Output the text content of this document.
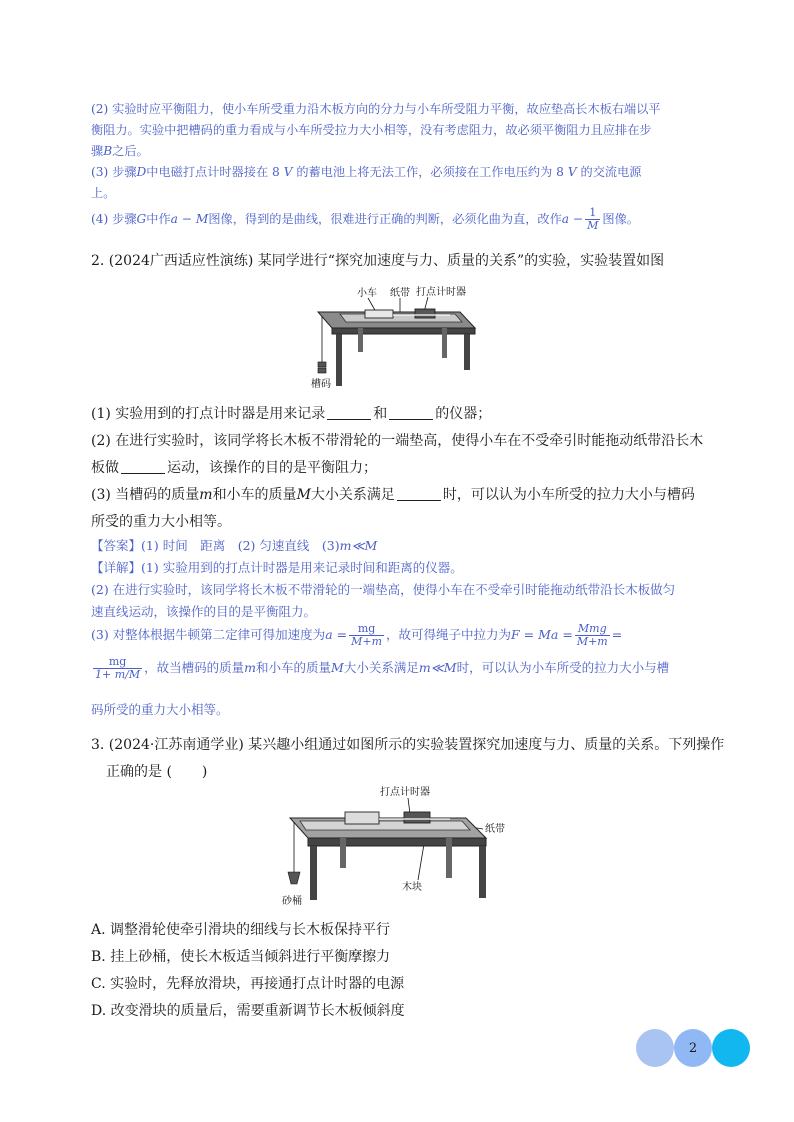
(2) 实验时应平衡阻力，使小车所受重力沿木板方向的分力与小车所受阻力平衡，故应垫高长木板右端以平
衡阻力。实验中把槽码的重力看成与小车所受拉力大小相等，没有考虑阻力，故必须平衡阻力且应排在步
骤B之后。
(3) 步骤D中电磁打点计时器接在 8 V 的蓄电池上将无法工作，必须接在工作电压约为 8 V 的交流电源
上。
(4) 步骤G中作a − M图像，得到的是曲线，很难进行正确的判断，必须化曲为直，改作$a - \frac{1}{M}$ 图像。
2. (2024广西适应性演练) 某同学进行“探究加速度与力、质量的关系”的实验，实验装置如图
小车 纸带 打点计时器
槽码
(1) 实验用到的打点计时器是用来记录	和	的仪器；
(2) 在进行实验时，该同学将长木板不带滑轮的一端垫高，使得小车在不受牵引时能拖动纸带沿长木
板做	运动，该操作的目的是平衡阻力；
(3) 当槽码的质量m和小车的质量M大小关系满足	时，可以认为小车所受的拉力大小与槽码
所受的重力大小相等。
【答案】(1) 时间　距离　(2) 匀速直线　(3)m≪M
【详解】(1) 实验用到的打点计时器是用来记录时间和距离的仪器。
(2) 在进行实验时，该同学将长木板不带滑轮的一端垫高，使得小车在不受牵引时能拖动纸带沿长木板做匀
速直线运动，该操作的目的是平衡阻力。
(3) 对整体根据牛顿第二定律可得加速度为$a = \frac{mg}{M+m}$ ，故可得绳子中拉力为$F = Ma = \frac{\text{Mmg}}{M+m}$ =
$\frac{mg}{1+ m/M}$ ，故当槽码的质量m和小车的质量M大小关系满足m≪M时，可以认为小车所受的拉力大小与槽
码所受的重力大小相等。
3. (2024·江苏南通学业) 某兴趣小组通过如图所示的实验装置探究加速度与力、质量的关系。下列操作
正确的是 ( )
打点计时器
纸带
木块
砂桶
A. 调整滑轮使牵引滑块的细线与长木板保持平行
B. 挂上砂桶，使长木板适当倾斜进行平衡摩擦力
C. 实验时，先释放滑块，再接通打点计时器的电源
D. 改变滑块的质量后，需要重新调节长木板倾斜度
2
